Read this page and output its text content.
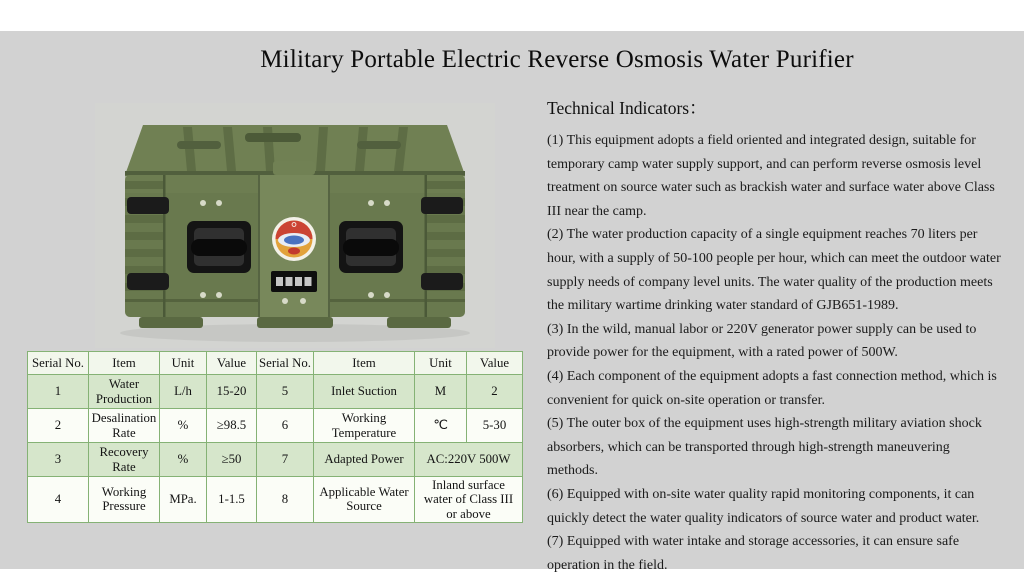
Military Portable Electric Reverse Osmosis Water Purifier
Serial No.	Item	Unit	Value	Serial No.	Item	Unit	Value
1	Water Production	L/h	15-20	5	Inlet Suction	M	2
2	Desalination Rate	%	≥98.5	6	Working Temperature	℃	5-30
3	Recovery Rate	%	≥50	7	Adapted Power	AC:220V 500W	
4	Working Pressure	MPa.	1-1.5	8	Applicable Water Source	Inland surface water of Class III or above	
Technical Indicators：

(1) This equipment adopts a field oriented and integrated design, suitable for temporary camp water supply support, and can perform reverse osmosis level treatment on source water such as brackish water and surface water above Class III near the camp.

(2) The water production capacity of a single equipment reaches 70 liters per hour, with a supply of 50-100 people per hour, which can meet the outdoor water supply needs of company level units. The water quality of the production meets the military wartime drinking water standard of GJB651-1989.

(3) In the wild, manual labor or 220V generator power supply can be used to provide power for the equipment, with a rated power of 500W.

(4) Each component of the equipment adopts a fast connection method, which is convenient for quick on-site operation or transfer.

(5) The outer box of the equipment uses high-strength military aviation shock absorbers, which can be transported through high-strength maneuvering methods.

(6) Equipped with on-site water quality rapid monitoring components, it can quickly detect the water quality indicators of source water and product water.

(7) Equipped with water intake and storage accessories, it can ensure safe operation in the field.
